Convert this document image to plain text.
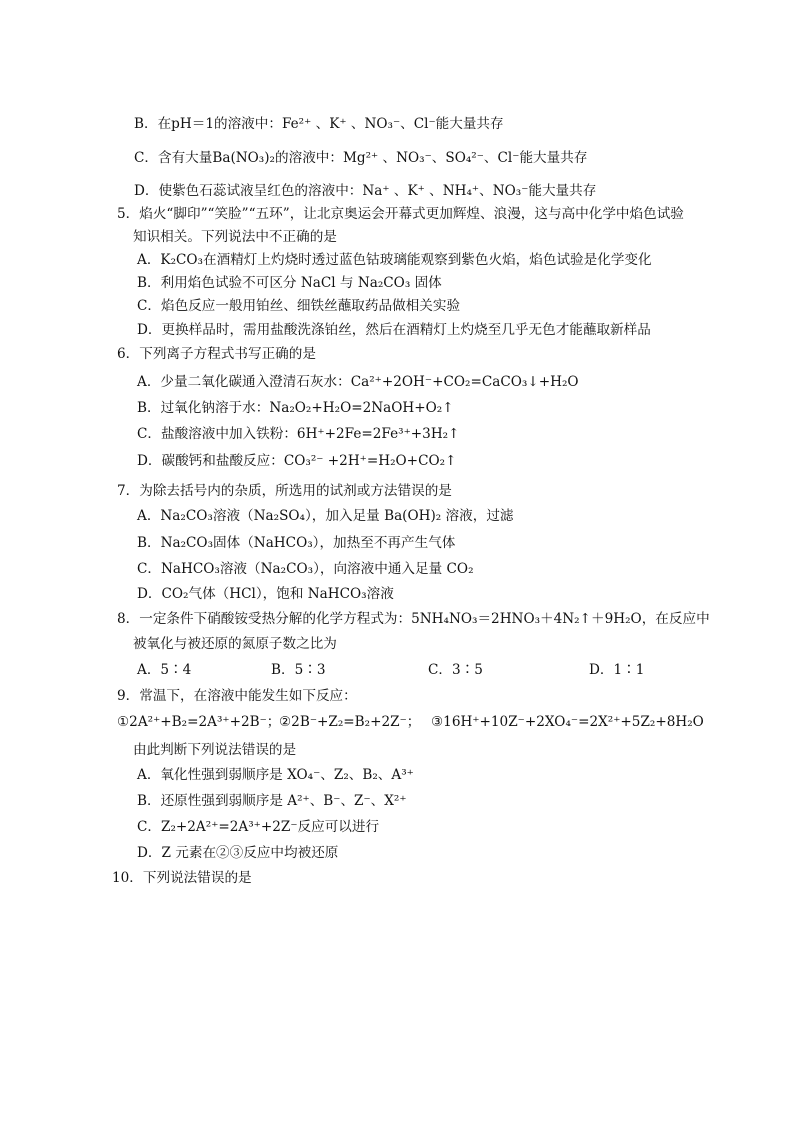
B．在pH＝1的溶液中：Fe²⁺ 、K⁺ 、NO₃⁻、Cl⁻能大量共存
C．含有大量Ba(NO₃)₂的溶液中：Mg²⁺ 、NO₃⁻、SO₄²⁻、Cl⁻能大量共存
D．使紫色石蕊试液呈红色的溶液中：Na⁺ 、K⁺ 、NH₄⁺、NO₃⁻能大量共存
5．焰火“脚印”“笑脸”“五环”，让北京奥运会开幕式更加辉煌、浪漫，这与高中化学中焰色试验
知识相关。下列说法中不正确的是
A．K₂CO₃在酒精灯上灼烧时透过蓝色钴玻璃能观察到紫色火焰，焰色试验是化学变化
B．利用焰色试验不可区分 NaCl 与 Na₂CO₃ 固体
C．焰色反应一般用铂丝、细铁丝蘸取药品做相关实验
D．更换样品时，需用盐酸洗涤铂丝，然后在酒精灯上灼烧至几乎无色才能蘸取新样品
6．下列离子方程式书写正确的是
A．少量二氧化碳通入澄清石灰水：Ca²⁺+2OH⁻+CO₂=CaCO₃↓+H₂O
B．过氧化钠溶于水：Na₂O₂+H₂O=2NaOH+O₂↑
C．盐酸溶液中加入铁粉：6H⁺+2Fe=2Fe³⁺+3H₂↑
D．碳酸钙和盐酸反应：CO₃²⁻ +2H⁺=H₂O+CO₂↑
7．为除去括号内的杂质，所选用的试剂或方法错误的是
A．Na₂CO₃溶液（Na₂SO₄），加入足量 Ba(OH)₂ 溶液，过滤
B．Na₂CO₃固体（NaHCO₃），加热至不再产生气体
C．NaHCO₃溶液（Na₂CO₃），向溶液中通入足量 CO₂
D．CO₂气体（HCl），饱和 NaHCO₃溶液
8．一定条件下硝酸铵受热分解的化学方程式为：5NH₄NO₃＝2HNO₃＋4N₂↑＋9H₂O，在反应中
被氧化与被还原的氮原子数之比为
A．5∶4	B．5∶3	C．3∶5	D．1∶1
9．常温下，在溶液中能发生如下反应：
①2A²⁺+B₂=2A³⁺+2B⁻；
②2B⁻+Z₂=B₂+2Z⁻； ③16H⁺+10Z⁻+2XO₄⁻=2X²⁺+5Z₂+8H₂O
由此判断下列说法错误的是
A．氧化性强到弱顺序是 XO₄⁻、Z₂、B₂、A³⁺
B．还原性强到弱顺序是 A²⁺、B⁻、Z⁻、X²⁺
C．Z₂+2A²⁺=2A³⁺+2Z⁻反应可以进行
D．Z 元素在②③反应中均被还原
10．下列说法错误的是
